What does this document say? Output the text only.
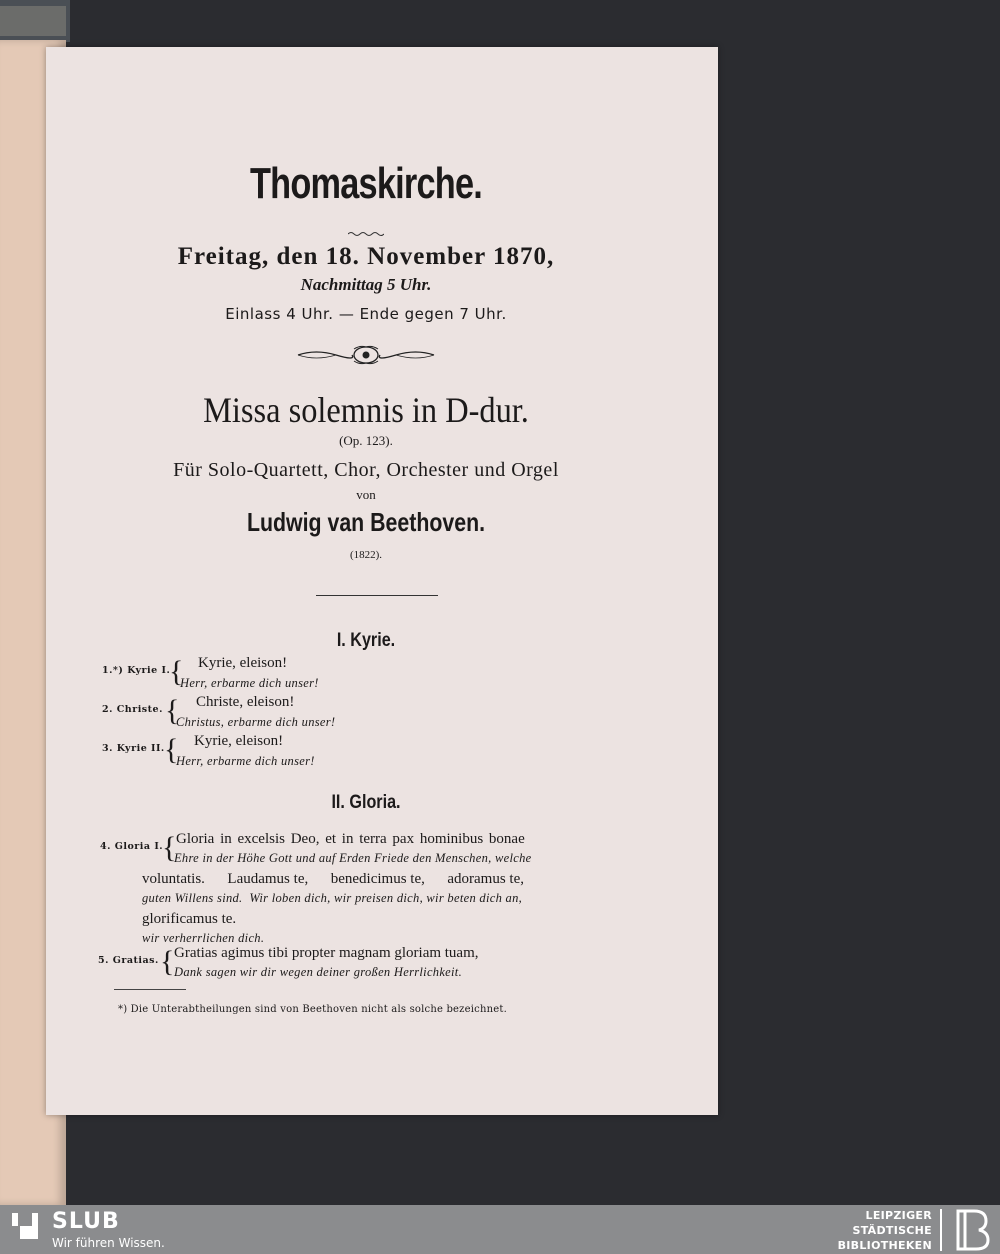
Thomaskirche.
Freitag, den 18. November 1870,
Nachmittag 5 Uhr.
Einlass 4 Uhr. — Ende gegen 7 Uhr.
Missa solemnis in D-dur.
(Op. 123).
Für Solo-Quartett, Chor, Orchester und Orgel
von
Ludwig van Beethoven.
(1822).
I. Kyrie.
1.*) Kyrie I.
{ Kyrie, eleison!
Herr, erbarme dich unser!
2. Christe. { Christe, eleison!
Christus, erbarme dich unser!
3. Kyrie II. { Kyrie, eleison!
Herr, erbarme dich unser!
II. Gloria.
4. Gloria I.
{ Gloria in excelsis Deo, et in terra pax hominibus bonae
Ehre in der Höhe Gott und auf Erden Friede den Menschen, welche
voluntatis.      Laudamus te,      benedicimus te,      adoramus te,
guten Willens sind.  Wir loben dich, wir preisen dich, wir beten dich an,
glorificamus te.
wir verherrlichen dich.
5. Gratias. { Gratias agimus tibi propter magnam gloriam tuam,
Dank sagen wir dir wegen deiner großen Herrlichkeit.
*) Die Unterabtheilungen sind von Beethoven nicht als solche bezeichnet.
SLUB
Wir führen Wissen.
LEIPZIGER
STÄDTISCHE
BIBLIOTHEKEN
